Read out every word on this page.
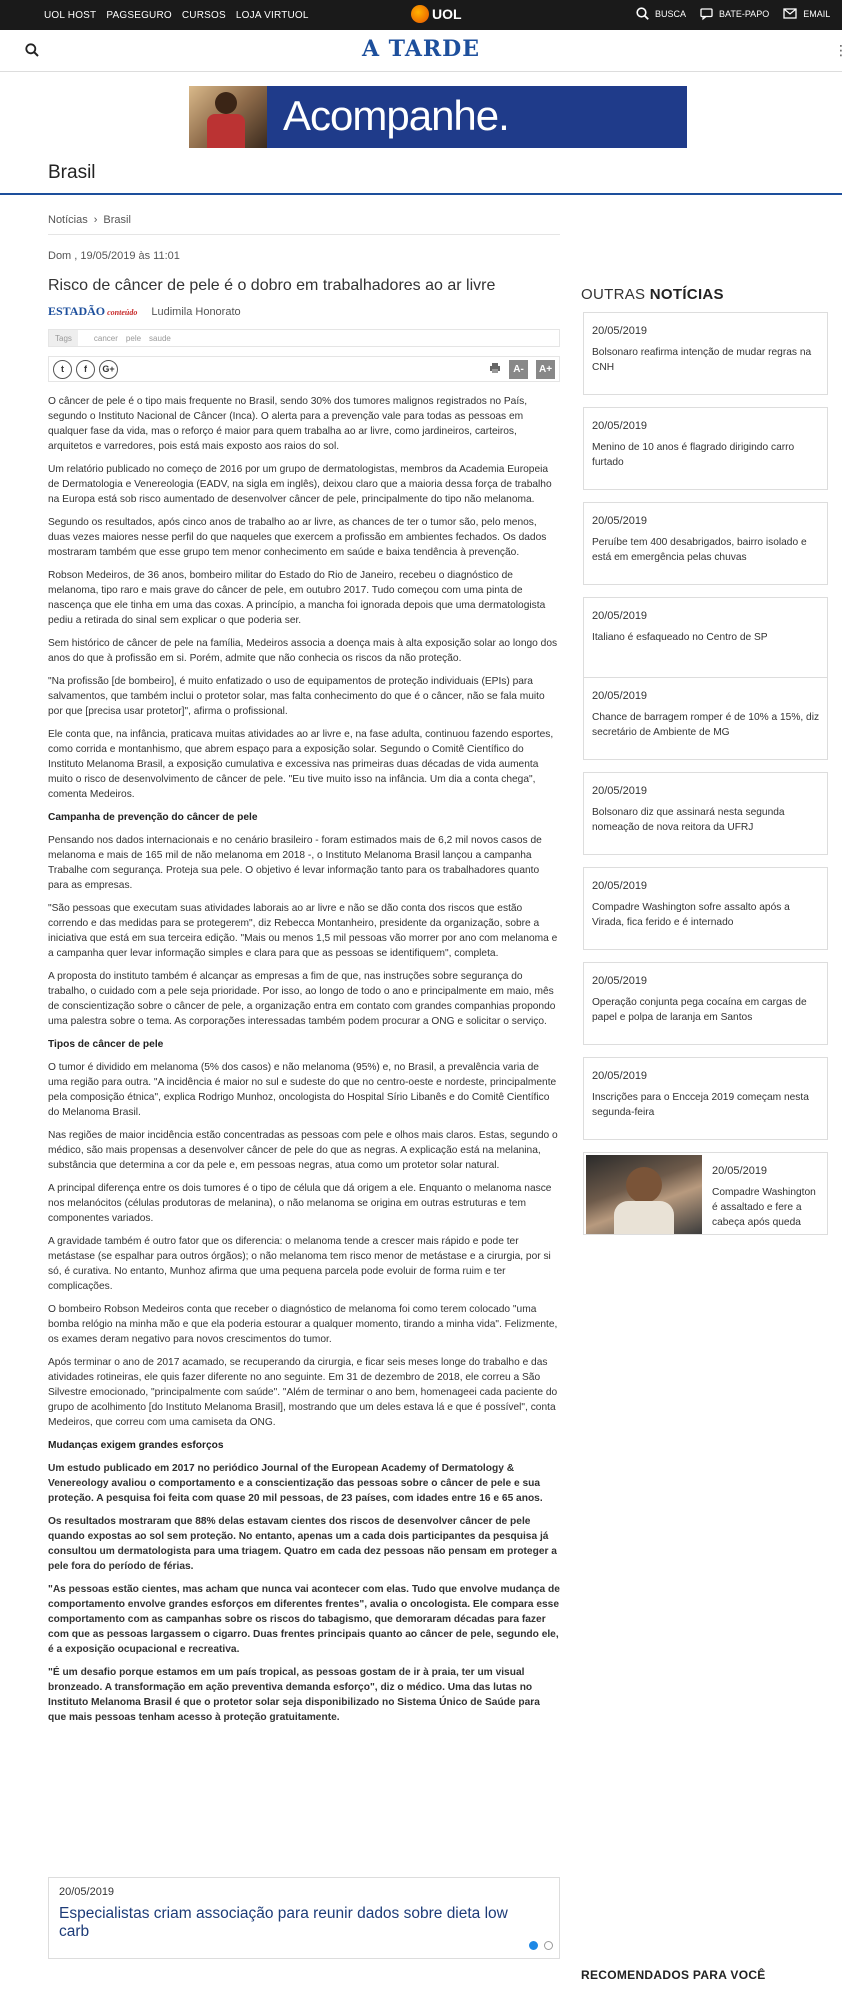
UOL HOST PAGSEGURO CURSOS LOJA VIRTUOL	UOL	BUSCA	BATE-PAPO	EMAIL
A TARDE	⋮
Acompanhe.
Brasil
Notícias › Brasil
Dom , 19/05/2019 às 11:01
Risco de câncer de pele é o dobro em trabalhadores ao ar livre
ESTADÃO conteúdo Ludimila Honorato
Tags	cancer pele saude
t	f	G+	A-	A+

O câncer de pele é o tipo mais frequente no Brasil, sendo 30% dos tumores malignos registrados no País, segundo o Instituto Nacional de Câncer (Inca). O alerta para a prevenção vale para todas as pessoas em qualquer fase da vida, mas o reforço é maior para quem trabalha ao ar livre, como jardineiros, carteiros, arquitetos e varredores, pois está mais exposto aos raios do sol.

Um relatório publicado no começo de 2016 por um grupo de dermatologistas, membros da Academia Europeia de Dermatologia e Venereologia (EADV, na sigla em inglês), deixou claro que a maioria dessa força de trabalho na Europa está sob risco aumentado de desenvolver câncer de pele, principalmente do tipo não melanoma.

Segundo os resultados, após cinco anos de trabalho ao ar livre, as chances de ter o tumor são, pelo menos, duas vezes maiores nesse perfil do que naqueles que exercem a profissão em ambientes fechados. Os dados mostraram também que esse grupo tem menor conhecimento em saúde e baixa tendência à prevenção.

Robson Medeiros, de 36 anos, bombeiro militar do Estado do Rio de Janeiro, recebeu o diagnóstico de melanoma, tipo raro e mais grave do câncer de pele, em outubro 2017. Tudo começou com uma pinta de nascença que ele tinha em uma das coxas. A princípio, a mancha foi ignorada depois que uma dermatologista pediu a retirada do sinal sem explicar o que poderia ser.

Sem histórico de câncer de pele na família, Medeiros associa a doença mais à alta exposição solar ao longo dos anos do que à profissão em si. Porém, admite que não conhecia os riscos da não proteção.

"Na profissão [de bombeiro], é muito enfatizado o uso de equipamentos de proteção individuais (EPIs) para salvamentos, que também inclui o protetor solar, mas falta conhecimento do que é o câncer, não se fala muito por que [precisa usar protetor]", afirma o profissional.

Ele conta que, na infância, praticava muitas atividades ao ar livre e, na fase adulta, continuou fazendo esportes, como corrida e montanhismo, que abrem espaço para a exposição solar. Segundo o Comitê Científico do Instituto Melanoma Brasil, a exposição cumulativa e excessiva nas primeiras duas décadas de vida aumenta muito o risco de desenvolvimento de câncer de pele. "Eu tive muito isso na infância. Um dia a conta chega", comenta Medeiros.

Campanha de prevenção do câncer de pele

Pensando nos dados internacionais e no cenário brasileiro - foram estimados mais de 6,2 mil novos casos de melanoma e mais de 165 mil de não melanoma em 2018 -, o Instituto Melanoma Brasil lançou a campanha Trabalhe com segurança. Proteja sua pele. O objetivo é levar informação tanto para os trabalhadores quanto para as empresas.

"São pessoas que executam suas atividades laborais ao ar livre e não se dão conta dos riscos que estão correndo e das medidas para se protegerem", diz Rebecca Montanheiro, presidente da organização, sobre a iniciativa que está em sua terceira edição. "Mais ou menos 1,5 mil pessoas vão morrer por ano com melanoma e a campanha quer levar informação simples e clara para que as pessoas se identifiquem", completa.

A proposta do instituto também é alcançar as empresas a fim de que, nas instruções sobre segurança do trabalho, o cuidado com a pele seja prioridade. Por isso, ao longo de todo o ano e principalmente em maio, mês de conscientização sobre o câncer de pele, a organização entra em contato com grandes companhias propondo uma palestra sobre o tema. As corporações interessadas também podem procurar a ONG e solicitar o serviço.

Tipos de câncer de pele

O tumor é dividido em melanoma (5% dos casos) e não melanoma (95%) e, no Brasil, a prevalência varia de uma região para outra. "A incidência é maior no sul e sudeste do que no centro-oeste e nordeste, principalmente pela composição étnica", explica Rodrigo Munhoz, oncologista do Hospital Sírio Libanês e do Comitê Científico do Melanoma Brasil.

Nas regiões de maior incidência estão concentradas as pessoas com pele e olhos mais claros. Estas, segundo o médico, são mais propensas a desenvolver câncer de pele do que as negras. A explicação está na melanina, substância que determina a cor da pele e, em pessoas negras, atua como um protetor solar natural.

A principal diferença entre os dois tumores é o tipo de célula que dá origem a ele. Enquanto o melanoma nasce nos melanócitos (células produtoras de melanina), o não melanoma se origina em outras estruturas e tem componentes variados.

A gravidade também é outro fator que os diferencia: o melanoma tende a crescer mais rápido e pode ter metástase (se espalhar para outros órgãos); o não melanoma tem risco menor de metástase e a cirurgia, por si só, é curativa. No entanto, Munhoz afirma que uma pequena parcela pode evoluir de forma ruim e ter complicações.

O bombeiro Robson Medeiros conta que receber o diagnóstico de melanoma foi como terem colocado "uma bomba relógio na minha mão e que ela poderia estourar a qualquer momento, tirando a minha vida". Felizmente, os exames deram negativo para novos crescimentos do tumor.

Após terminar o ano de 2017 acamado, se recuperando da cirurgia, e ficar seis meses longe do trabalho e das atividades rotineiras, ele quis fazer diferente no ano seguinte. Em 31 de dezembro de 2018, ele correu a São Silvestre emocionado, "principalmente com saúde". "Além de terminar o ano bem, homenageei cada paciente do grupo de acolhimento [do Instituto Melanoma Brasil], mostrando que um deles estava lá e que é possível", conta Medeiros, que correu com uma camiseta da ONG.

Mudanças exigem grandes esforços

Um estudo publicado em 2017 no periódico Journal of the European Academy of Dermatology & Venereology avaliou o comportamento e a conscientização das pessoas sobre o câncer de pele e sua proteção. A pesquisa foi feita com quase 20 mil pessoas, de 23 países, com idades entre 16 e 65 anos.

Os resultados mostraram que 88% delas estavam cientes dos riscos de desenvolver câncer de pele quando expostas ao sol sem proteção. No entanto, apenas um a cada dois participantes da pesquisa já consultou um dermatologista para uma triagem. Quatro em cada dez pessoas não pensam em proteger a pele fora do período de férias.

"As pessoas estão cientes, mas acham que nunca vai acontecer com elas. Tudo que envolve mudança de comportamento envolve grandes esforços em diferentes frentes", avalia o oncologista. Ele compara esse comportamento com as campanhas sobre os riscos do tabagismo, que demoraram décadas para fazer com que as pessoas largassem o cigarro. Duas frentes principais quanto ao câncer de pele, segundo ele, é a exposição ocupacional e recreativa.

"É um desafio porque estamos em um país tropical, as pessoas gostam de ir à praia, ter um visual bronzeado. A transformação em ação preventiva demanda esforço", diz o médico. Uma das lutas no Instituto Melanoma Brasil é que o protetor solar seja disponibilizado no Sistema Único de Saúde para que mais pessoas tenham acesso à proteção gratuitamente.

20/05/2019
Especialistas criam associação para reunir dados sobre dieta low carb
OUTRAS NOTÍCIAS
20/05/2019
Bolsonaro reafirma intenção de mudar regras na CNH
20/05/2019
Menino de 10 anos é flagrado dirigindo carro furtado
20/05/2019
Peruíbe tem 400 desabrigados, bairro isolado e está em emergência pelas chuvas
20/05/2019
Italiano é esfaqueado no Centro de SP
20/05/2019
Chance de barragem romper é de 10% a 15%, diz secretário de Ambiente de MG
20/05/2019
Bolsonaro diz que assinará nesta segunda nomeação de nova reitora da UFRJ
20/05/2019
Compadre Washington sofre assalto após a Virada, fica ferido e é internado
20/05/2019
Operação conjunta pega cocaína em cargas de papel e polpa de laranja em Santos
20/05/2019
Inscrições para o Encceja 2019 começam nesta segunda-feira
20/05/2019
Compadre Washington é assaltado e fere a cabeça após queda
RECOMENDADOS PARA VOCÊ
